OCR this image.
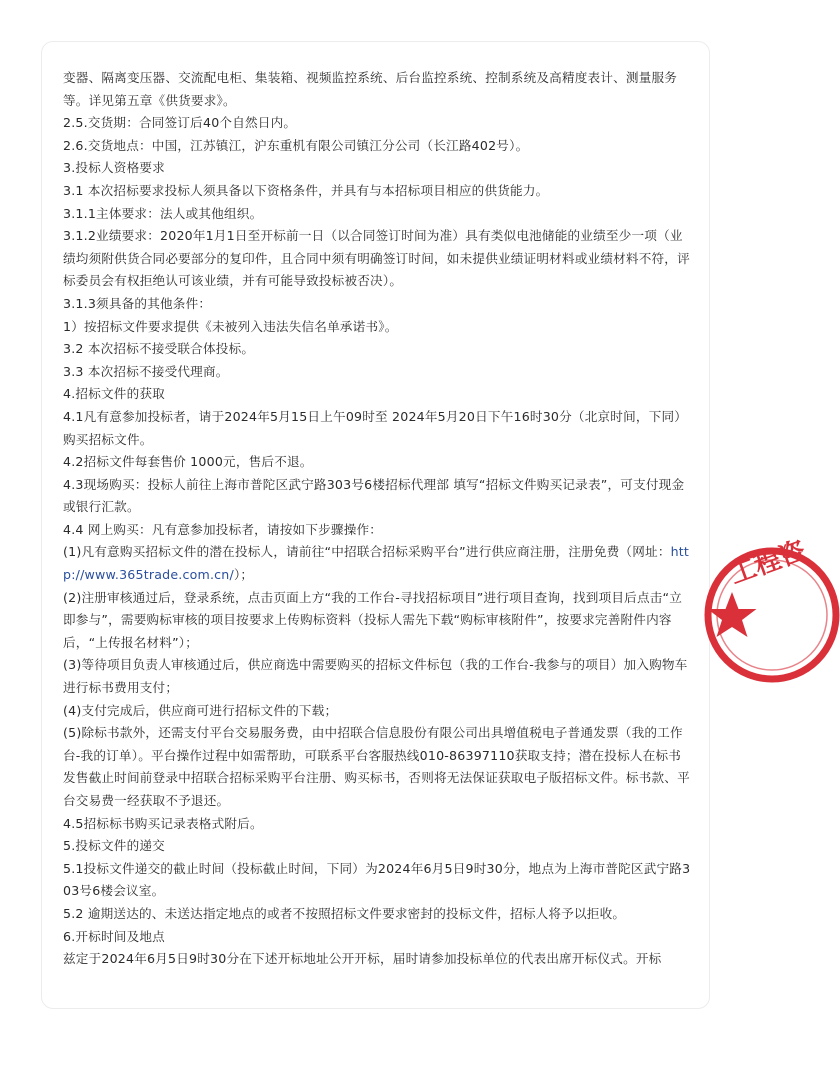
变器、隔离变压器、交流配电柜、集装箱、视频监控系统、后台监控系统、控制系统及高精度表计、测量服务等。详见第五章《供货要求》。

2.5.交货期：合同签订后40个自然日内。

2.6.交货地点：中国，江苏镇江，沪东重机有限公司镇江分公司（长江路402号）。

3.投标人资格要求

3.1 本次招标要求投标人须具备以下资格条件，并具有与本招标项目相应的供货能力。

3.1.1主体要求：法人或其他组织。

3.1.2业绩要求：2020年1月1日至开标前一日（以合同签订时间为准）具有类似电池储能的业绩至少一项（业绩均须附供货合同必要部分的复印件，且合同中须有明确签订时间，如未提供业绩证明材料或业绩材料不符，评标委员会有权拒绝认可该业绩，并有可能导致投标被否决）。

3.1.3须具备的其他条件：

1）按招标文件要求提供《未被列入违法失信名单承诺书》。

3.2 本次招标不接受联合体投标。

3.3 本次招标不接受代理商。

4.招标文件的获取

4.1凡有意参加投标者，请于2024年5月15日上午09时至 2024年5月20日下午16时30分（北京时间，下同）购买招标文件。

4.2招标文件每套售价 1000元，售后不退。

4.3现场购买：投标人前往上海市普陀区武宁路303号6楼招标代理部 填写“招标文件购买记录表”，可支付现金或银行汇款。

4.4 网上购买：凡有意参加投标者，请按如下步骤操作：

(1)凡有意购买招标文件的潜在投标人，请前往“中招联合招标采购平台”进行供应商注册，注册免费（网址：http://www.365trade.com.cn/）；

(2)注册审核通过后，登录系统，点击页面上方“我的工作台-寻找招标项目”进行项目查询，找到项目后点击“立即参与”，需要购标审核的项目按要求上传购标资料（投标人需先下载“购标审核附件”，按要求完善附件内容后，“上传报名材料”）；

(3)等待项目负责人审核通过后，供应商选中需要购买的招标文件标包（我的工作台-我参与的项目）加入购物车进行标书费用支付；

(4)支付完成后，供应商可进行招标文件的下载；

(5)除标书款外，还需支付平台交易服务费，由中招联合信息股份有限公司出具增值税电子普通发票（我的工作台-我的订单）。平台操作过程中如需帮助，可联系平台客服热线010-86397110获取支持；潜在投标人在标书发售截止时间前登录中招联合招标采购平台注册、购买标书，否则将无法保证获取电子版招标文件。标书款、平台交易费一经获取不予退还。

4.5招标标书购买记录表格式附后。

5.投标文件的递交

5.1投标文件递交的截止时间（投标截止时间，下同）为2024年6月5日9时30分，地点为上海市普陀区武宁路303号6楼会议室。

5.2 逾期送达的、未送达指定地点的或者不按照招标文件要求密封的投标文件，招标人将予以拒收。

6.开标时间及地点

兹定于2024年6月5日9时30分在下述开标地址公开开标，届时请参加投标单位的代表出席开标仪式。开标

工程咨
